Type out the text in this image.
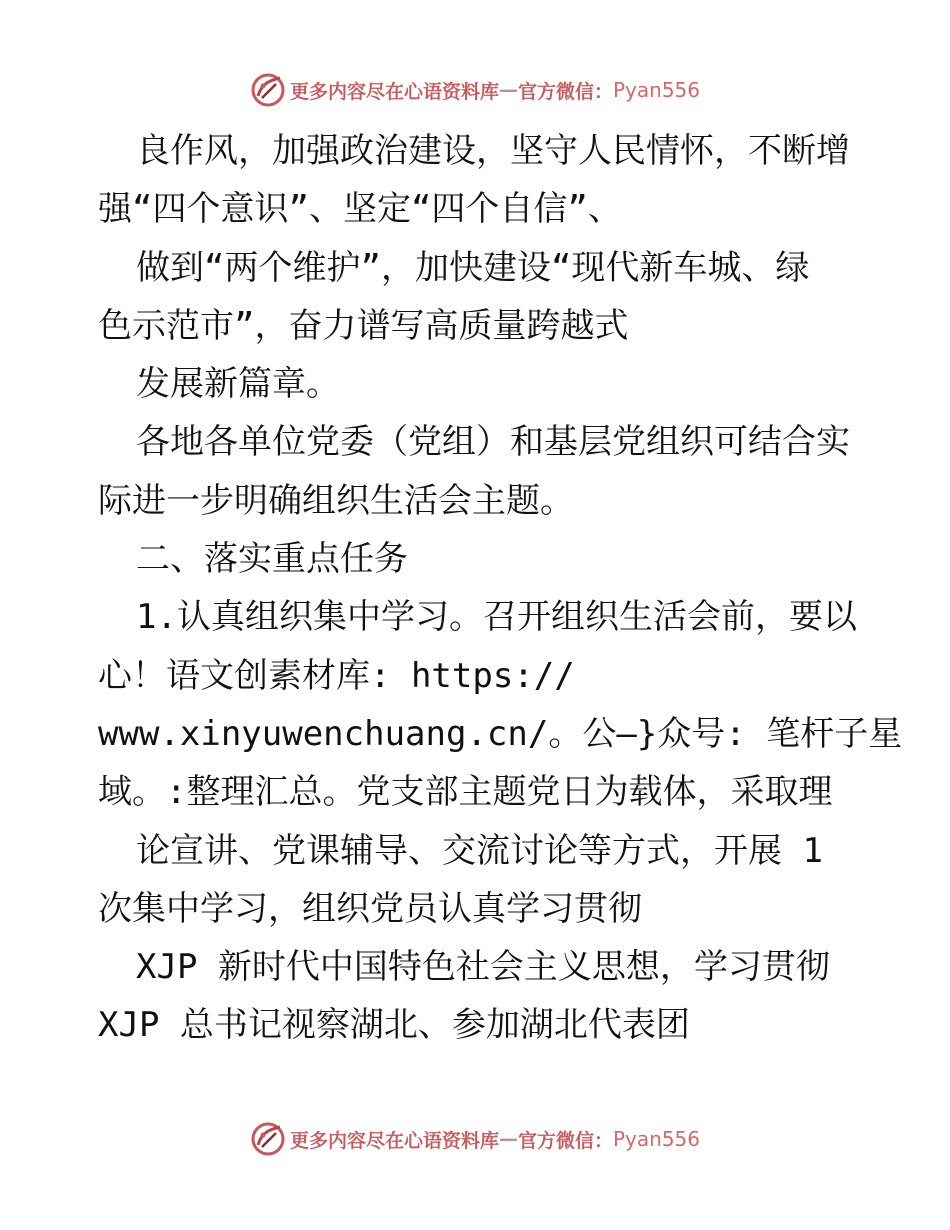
更多内容尽在心语资料库 — 官方微信： Pyan556
良作风，加强政治建设，坚守人民情怀，不断增
强“四个意识”、坚定“四个自信”、
做到“两个维护”，加快建设“现代新车城、绿
色示范市”，奋力谱写高质量跨越式
发展新篇章。
各地各单位党委（党组）和基层党组织可结合实
际进一步明确组织生活会主题。
二、落实重点任务
1.认真组织集中学习。召开组织生活会前，要以
心！语文创素材库: https://
www.xinyuwenchuang.cn/。公—}众号: 笔杆子星
域。:整理汇总。党支部主题党日为载体，采取理
论宣讲、党课辅导、交流讨论等方式，开展 1
次集中学习，组织党员认真学习贯彻
XJP 新时代中国特色社会主义思想，学习贯彻
XJP 总书记视察湖北、参加湖北代表团
更多内容尽在心语资料库 — 官方微信： Pyan556
